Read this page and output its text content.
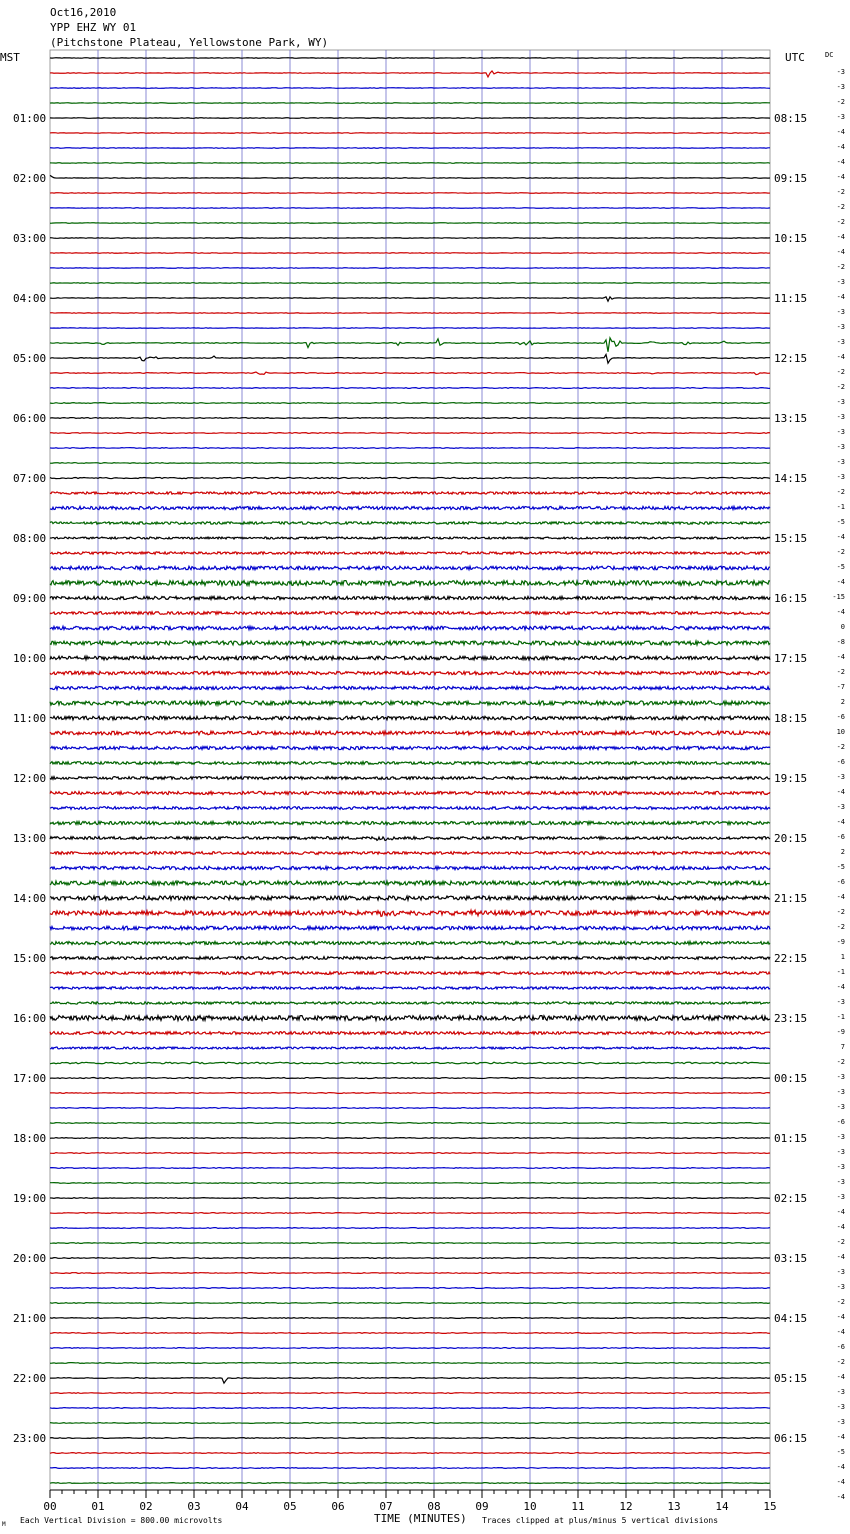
Oct16,2010
YPP EHZ WY 01
(Pitchstone Plateau, Yellowstone Park, WY)
MST	UTC	DC
01:00
02:00
03:00
04:00
05:00
06:00
07:00
08:00
09:00
10:00
11:00
12:00
13:00
14:00
15:00
16:00
17:00
18:00
19:00
20:00
21:00
22:00
23:00
08:15
09:15
10:15
11:15
12:15
13:15
14:15
15:15
16:15
17:15
18:15
19:15
20:15
21:15
22:15
23:15
00:15
01:15
02:15
03:15
04:15
05:15
06:15
-3
-3
-2
-3
-4
-4
-4
-4
-2
-2
-2
-4
-4
-2
-3
-4
-3
-3
-3
-4
-2
-2
-3
-3
-3
-3
-3
-3
-2
-1
-5
-4
-2
-5
-4
-15
-4
0
-8
-4
-2
-7
2
-6
10
-2
-6
-3
-4
-3
-4
-6
2
-5
-6
-4
-2
-2
-9
1
-1
-4
-3
-1
-9
7
-2
-3
-3
-3
-6
-3
-3
-3
-3
-3
-4
-4
-2
-4
-3
-3
-2
-4
-4
-6
-2
-4
-3
-3
-3
-4
-5
-4
-4
-4
00	01	02	03	04	05	06	07	08	09	10	11	12	13	14	15
TIME (MINUTES)
Each Vertical Division = 800.00 microvolts	Traces clipped at plus/minus 5 vertical divisions
M
